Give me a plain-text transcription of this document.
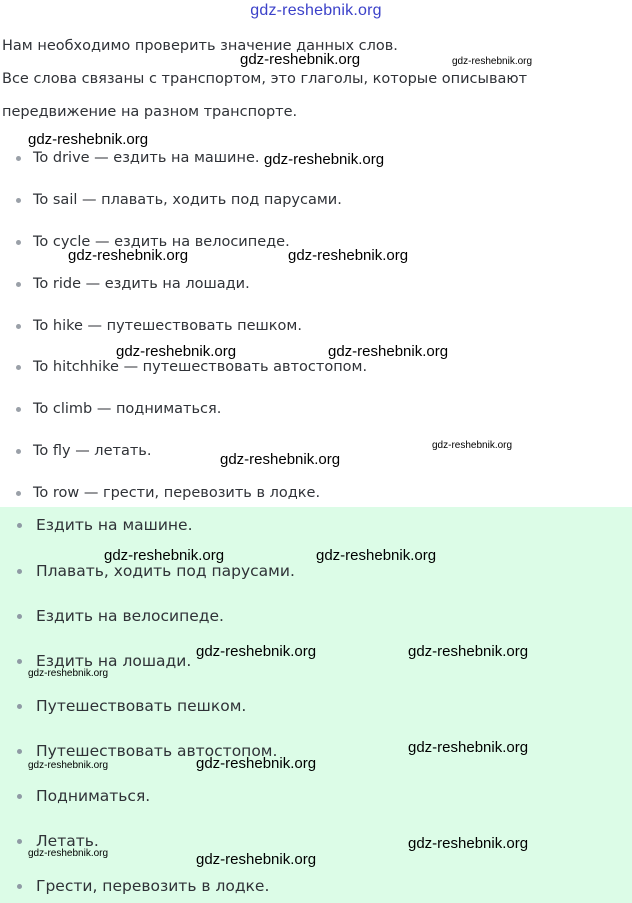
gdz-reshebnik.org

Нам необходимо проверить значение данных слов.

Все слова связаны с транспортом, это глаголы, которые описывают

передвижение на разном транспорте.

To drive — ездить на машине.
To sail — плавать, ходить под парусами.
To cycle — ездить на велосипеде.
To ride — ездить на лошади.
To hike — путешествовать пешком.
To hitchhike — путешествовать автостопом.
To climb — подниматься.
To fly — летать.
To row — грести, перевозить в лодке.
Ездить на машине.
Плавать, ходить под парусами.
Ездить на велосипеде.
Ездить на лошади.
Путешествовать пешком.
Путешествовать автостопом.
Подниматься.
Летать.
Грести, перевозить в лодке.
gdz-reshebnik.org	gdz-reshebnik.org
gdz-reshebnik.org
gdz-reshebnik.org
gdz-reshebnik.org	gdz-reshebnik.org
gdz-reshebnik.org	gdz-reshebnik.org
gdz-reshebnik.org
gdz-reshebnik.org
gdz-reshebnik.org	gdz-reshebnik.org
gdz-reshebnik.org	gdz-reshebnik.org
gdz-reshebnik.org
gdz-reshebnik.org
gdz-reshebnik.org
gdz-reshebnik.org
gdz-reshebnik.org
gdz-reshebnik.org	gdz-reshebnik.org
